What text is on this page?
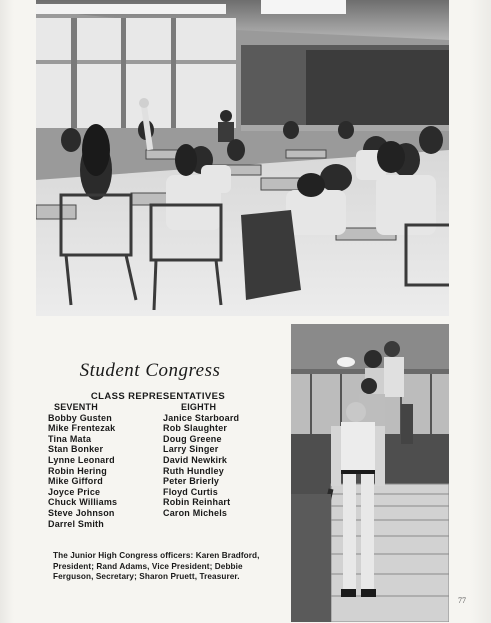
Student Congress
CLASS REPRESENTATIVES
SEVENTH
Bobby Gusten
Mike Frentezak
Tina Mata
Stan Bonker
Lynne Leonard
Robin Hering
Mike Gifford
Joyce Price
Chuck Williams
Steve Johnson
Darrel Smith
EIGHTH
Janice Starboard
Rob Slaughter
Doug Greene
Larry Singer
David Newkirk
Ruth Hundley
Peter Brierly
Floyd Curtis
Robin Reinhart
Caron Michels
The Junior High Congress officers: Karen Bradford, President; Rand Adams, Vice President; Debbie Ferguson, Secretary; Sharon Pruett, Treasurer.
77
